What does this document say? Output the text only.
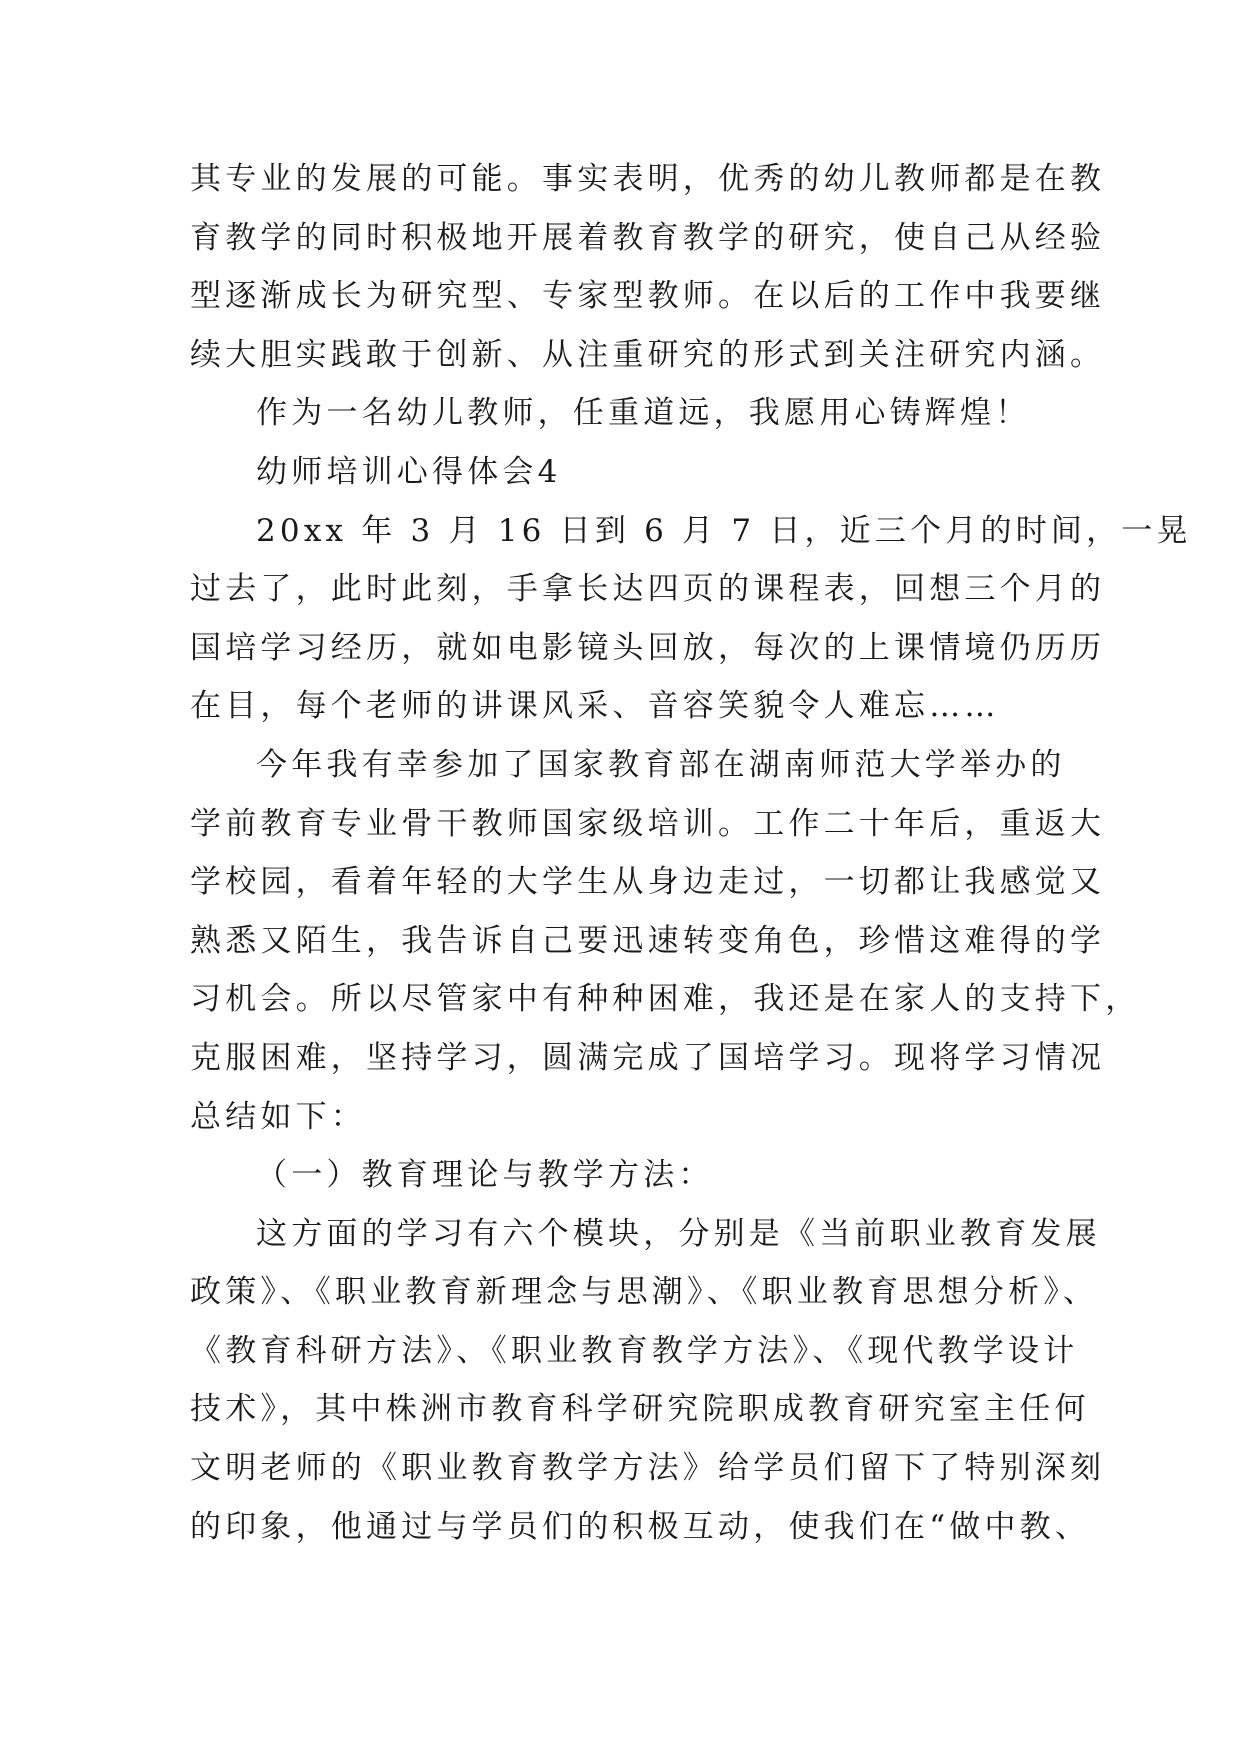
其专业的发展的可能。事实表明，优秀的幼儿教师都是在教
育教学的同时积极地开展着教育教学的研究，使自己从经验
型逐渐成长为研究型、专家型教师。在以后的工作中我要继
续大胆实践敢于创新、从注重研究的形式到关注研究内涵。
作为一名幼儿教师，任重道远，我愿用心铸辉煌！
幼师培训心得体会4
20xx 年 3 月 16 日到 6 月 7 日，近三个月的时间，一晃
过去了，此时此刻，手拿长达四页的课程表，回想三个月的
国培学习经历，就如电影镜头回放，每次的上课情境仍历历
在目，每个老师的讲课风采、音容笑貌令人难忘……
今年我有幸参加了国家教育部在湖南师范大学举办的
学前教育专业骨干教师国家级培训。工作二十年后，重返大
学校园，看着年轻的大学生从身边走过，一切都让我感觉又
熟悉又陌生，我告诉自己要迅速转变角色，珍惜这难得的学
习机会。所以尽管家中有种种困难，我还是在家人的支持下，
克服困难，坚持学习，圆满完成了国培学习。现将学习情况
总结如下：
（一）教育理论与教学方法：
这方面的学习有六个模块，分别是《当前职业教育发展
政策》、《职业教育新理念与思潮》、《职业教育思想分析》、
《教育科研方法》、《职业教育教学方法》、《现代教学设计
技术》，其中株洲市教育科学研究院职成教育研究室主任何
文明老师的《职业教育教学方法》给学员们留下了特别深刻
的印象，他通过与学员们的积极互动，使我们在“做中教、
